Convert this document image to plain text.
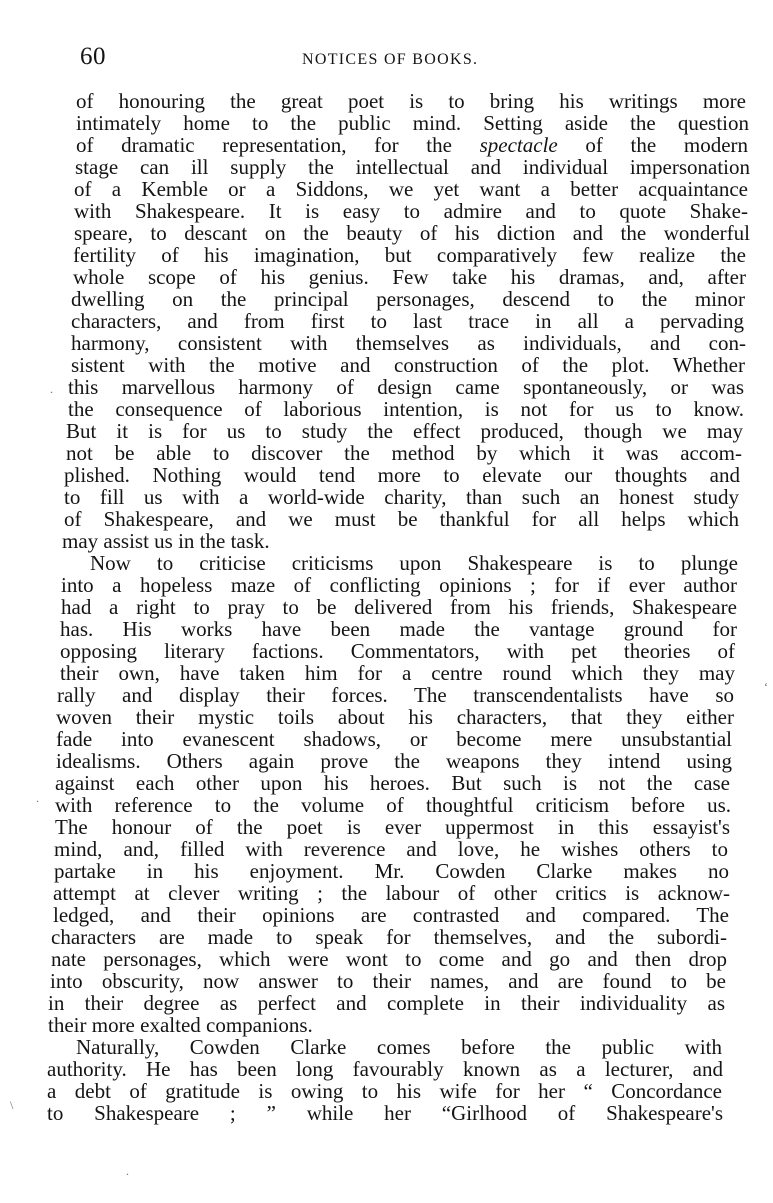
60	NOTICES OF BOOKS.
of honouring the great poet is to bring his writings more
intimately home to the public mind. Setting aside the question
of dramatic representation, for the spectacle of the modern
stage can ill supply the intellectual and individual impersonation
of a Kemble or a Siddons, we yet want a better acquaintance
with Shakespeare. It is easy to admire and to quote Shake-
speare, to descant on the beauty of his diction and the wonderful
fertility of his imagination, but comparatively few realize the
whole scope of his genius. Few take his dramas, and, after
dwelling on the principal personages, descend to the minor
characters, and from first to last trace in all a pervading
harmony, consistent with themselves as individuals, and con-
sistent with the motive and construction of the plot. Whether
this marvellous harmony of design came spontaneously, or was
the consequence of laborious intention, is not for us to know.
But it is for us to study the effect produced, though we may
not be able to discover the method by which it was accom-
plished. Nothing would tend more to elevate our thoughts and
to fill us with a world-wide charity, than such an honest study
of Shakespeare, and we must be thankful for all helps which
may assist us in the task.
Now to criticise criticisms upon Shakespeare is to plunge
into a hopeless maze of conflicting opinions ; for if ever author
had a right to pray to be delivered from his friends, Shakespeare
has. His works have been made the vantage ground for
opposing literary factions. Commentators, with pet theories of
their own, have taken him for a centre round which they may
rally and display their forces. The transcendentalists have so
woven their mystic toils about his characters, that they either
fade into evanescent shadows, or become mere unsubstantial
idealisms. Others again prove the weapons they intend using
against each other upon his heroes. But such is not the case
with reference to the volume of thoughtful criticism before us.
The honour of the poet is ever uppermost in this essayist's
mind, and, filled with reverence and love, he wishes others to
partake in his enjoyment. Mr. Cowden Clarke makes no
attempt at clever writing ; the labour of other critics is acknow-
ledged, and their opinions are contrasted and compared. The
characters are made to speak for themselves, and the subordi-
nate personages, which were wont to come and go and then drop
into obscurity, now answer to their names, and are found to be
in their degree as perfect and complete in their individuality as
their more exalted companions.
Naturally, Cowden Clarke comes before the public with
authority. He has been long favourably known as a lecturer, and
a debt of gratitude is owing to his wife for her “ Concordance
to Shakespeare ; ” while her “Girlhood of Shakespeare's
.
‘
.
\
.
